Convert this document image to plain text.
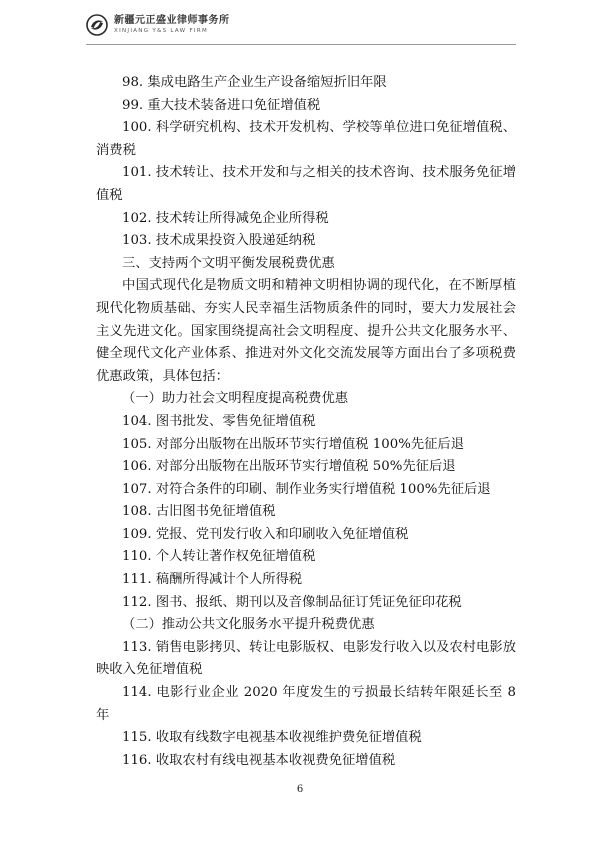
新疆元正盛业律师事务所
XINJIANG Y&S LAW FIRM

98. 集成电路生产企业生产设备缩短折旧年限

99. 重大技术装备进口免征增值税

100. 科学研究机构、技术开发机构、学校等单位进口免征增值税、消费税

101. 技术转让、技术开发和与之相关的技术咨询、技术服务免征增值税

102. 技术转让所得减免企业所得税

103. 技术成果投资入股递延纳税

三、支持两个文明平衡发展税费优惠

中国式现代化是物质文明和精神文明相协调的现代化，在不断厚植现代化物质基础、夯实人民幸福生活物质条件的同时，要大力发展社会主义先进文化。国家围绕提高社会文明程度、提升公共文化服务水平、健全现代文化产业体系、推进对外文化交流发展等方面出台了多项税费优惠政策，具体包括：

（一）助力社会文明程度提高税费优惠

104. 图书批发、零售免征增值税

105. 对部分出版物在出版环节实行增值税 100%先征后退

106. 对部分出版物在出版环节实行增值税 50%先征后退

107. 对符合条件的印刷、制作业务实行增值税 100%先征后退

108. 古旧图书免征增值税

109. 党报、党刊发行收入和印刷收入免征增值税

110. 个人转让著作权免征增值税

111. 稿酬所得减计个人所得税

112. 图书、报纸、期刊以及音像制品征订凭证免征印花税

（二）推动公共文化服务水平提升税费优惠

113. 销售电影拷贝、转让电影版权、电影发行收入以及农村电影放映收入免征增值税

114. 电影行业企业 2020 年度发生的亏损最长结转年限延长至 8 年

115. 收取有线数字电视基本收视维护费免征增值税

116. 收取农村有线电视基本收视费免征增值税

6
